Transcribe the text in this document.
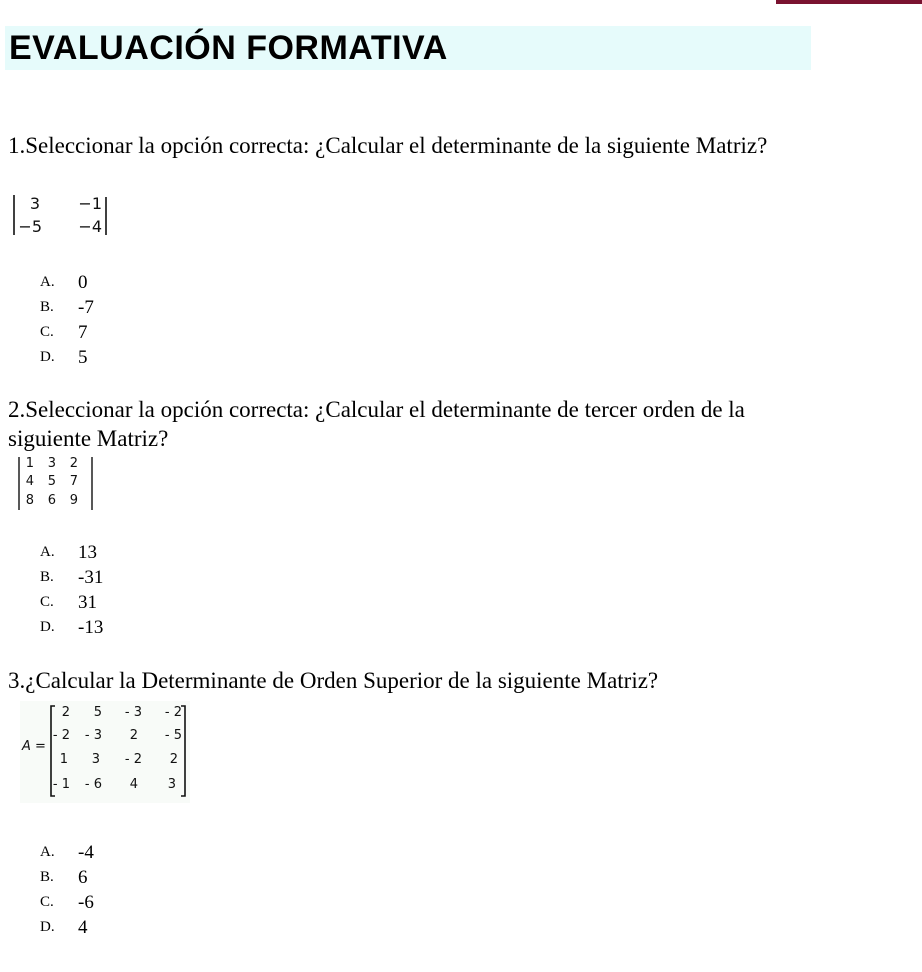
EVALUACIÓN FORMATIVA
1.Seleccionar la opción correcta: ¿Calcular el determinante de la siguiente Matriz?
3	−1
−5	−4
A.	0
B.	-7
C.	7
D.	5
2.Seleccionar la opción correcta: ¿Calcular el determinante de tercer orden de la siguiente Matriz?
1 3 2
4 5 7
8 6 9
A.	13
B.	-31
C.	31
D.	-13
3.¿Calcular la Determinante de Orden Superior de la siguiente Matriz?
A =
2	5	- 3	- 2
- 2	- 3	2	- 5
1	3	- 2	2
- 1	- 6	4	3
A.	-4
B.	6
C.	-6
D.	4
